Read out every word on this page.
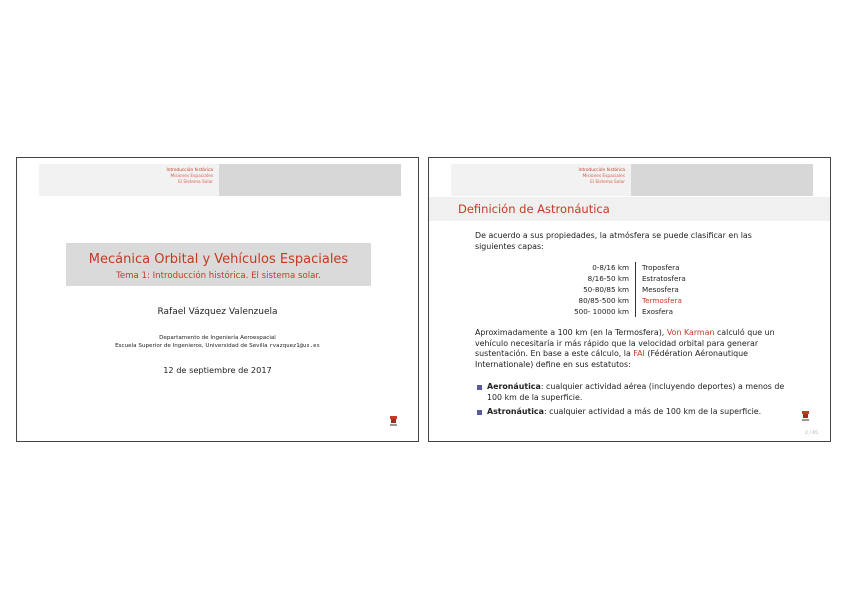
Introducción histórica
Misiones Espaciales
El Sistema Solar
Mecánica Orbital y Vehículos Espaciales
Tema 1: Introducción histórica. El sistema solar.
Rafael Vázquez Valenzuela
Departamento de Ingeniería Aeroespacial
Escuela Superior de Ingenieros, Universidad de Sevilla rvazquez1@us.es
12 de septiembre de 2017
Introducción histórica
Misiones Espaciales
El Sistema Solar
Definición de Astronáutica
De acuerdo a sus propiedades, la atmósfera se puede clasificar en las siguientes capas:
0-8/16 km	Troposfera
8/16-50 km	Estratosfera
50-80/85 km	Mesosfera
80/85-500 km	Termosfera
500- 10000 km	Exosfera
Aproximadamente a 100 km (en la Termosfera), Von Karman calculó que un vehículo necesitaría ir más rápido que la velocidad orbital para generar sustentación. En base a este cálculo, la FAI (Fédération Aéronautique Internationale) define en sus estatutos:
Aeronáutica: cualquier actividad aérea (incluyendo deportes) a menos de 100 km de la superficie.
Astronáutica: cualquier actividad a más de 100 km de la superficie.
2 / 65
